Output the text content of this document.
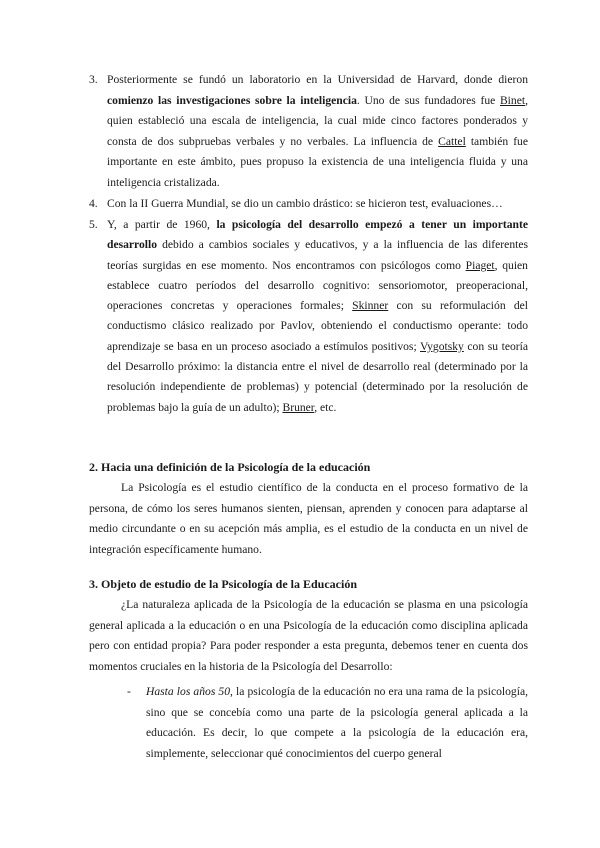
3. Posteriormente se fundó un laboratorio en la Universidad de Harvard, donde dieron comienzo las investigaciones sobre la inteligencia. Uno de sus fundadores fue Binet, quien estableció una escala de inteligencia, la cual mide cinco factores ponderados y consta de dos subpruebas verbales y no verbales. La influencia de Cattel también fue importante en este ámbito, pues propuso la existencia de una inteligencia fluida y una inteligencia cristalizada.
4. Con la II Guerra Mundial, se dio un cambio drástico: se hicieron test, evaluaciones…
5. Y, a partir de 1960, la psicología del desarrollo empezó a tener un importante desarrollo debido a cambios sociales y educativos, y a la influencia de las diferentes teorías surgidas en ese momento. Nos encontramos con psicólogos como Piaget, quien establece cuatro períodos del desarrollo cognitivo: sensoriomotor, preoperacional, operaciones concretas y operaciones formales; Skinner con su reformulación del conductismo clásico realizado por Pavlov, obteniendo el conductismo operante: todo aprendizaje se basa en un proceso asociado a estímulos positivos; Vygotsky con su teoría del Desarrollo próximo: la distancia entre el nivel de desarrollo real (determinado por la resolución independiente de problemas) y potencial (determinado por la resolución de problemas bajo la guía de un adulto); Bruner, etc.
2. Hacia una definición de la Psicología de la educación
La Psicología es el estudio científico de la conducta en el proceso formativo de la persona, de cómo los seres humanos sienten, piensan, aprenden y conocen para adaptarse al medio circundante o en su acepción más amplia, es el estudio de la conducta en un nivel de integración específicamente humano.
3. Objeto de estudio de la Psicología de la Educación
¿La naturaleza aplicada de la Psicología de la educación se plasma en una psicología general aplicada a la educación o en una Psicología de la educación como disciplina aplicada pero con entidad propia? Para poder responder a esta pregunta, debemos tener en cuenta dos momentos cruciales en la historia de la Psicología del Desarrollo:
- Hasta los años 50, la psicología de la educación no era una rama de la psicología, sino que se concebía como una parte de la psicología general aplicada a la educación. Es decir, lo que compete a la psicología de la educación era, simplemente, seleccionar qué conocimientos del cuerpo general
